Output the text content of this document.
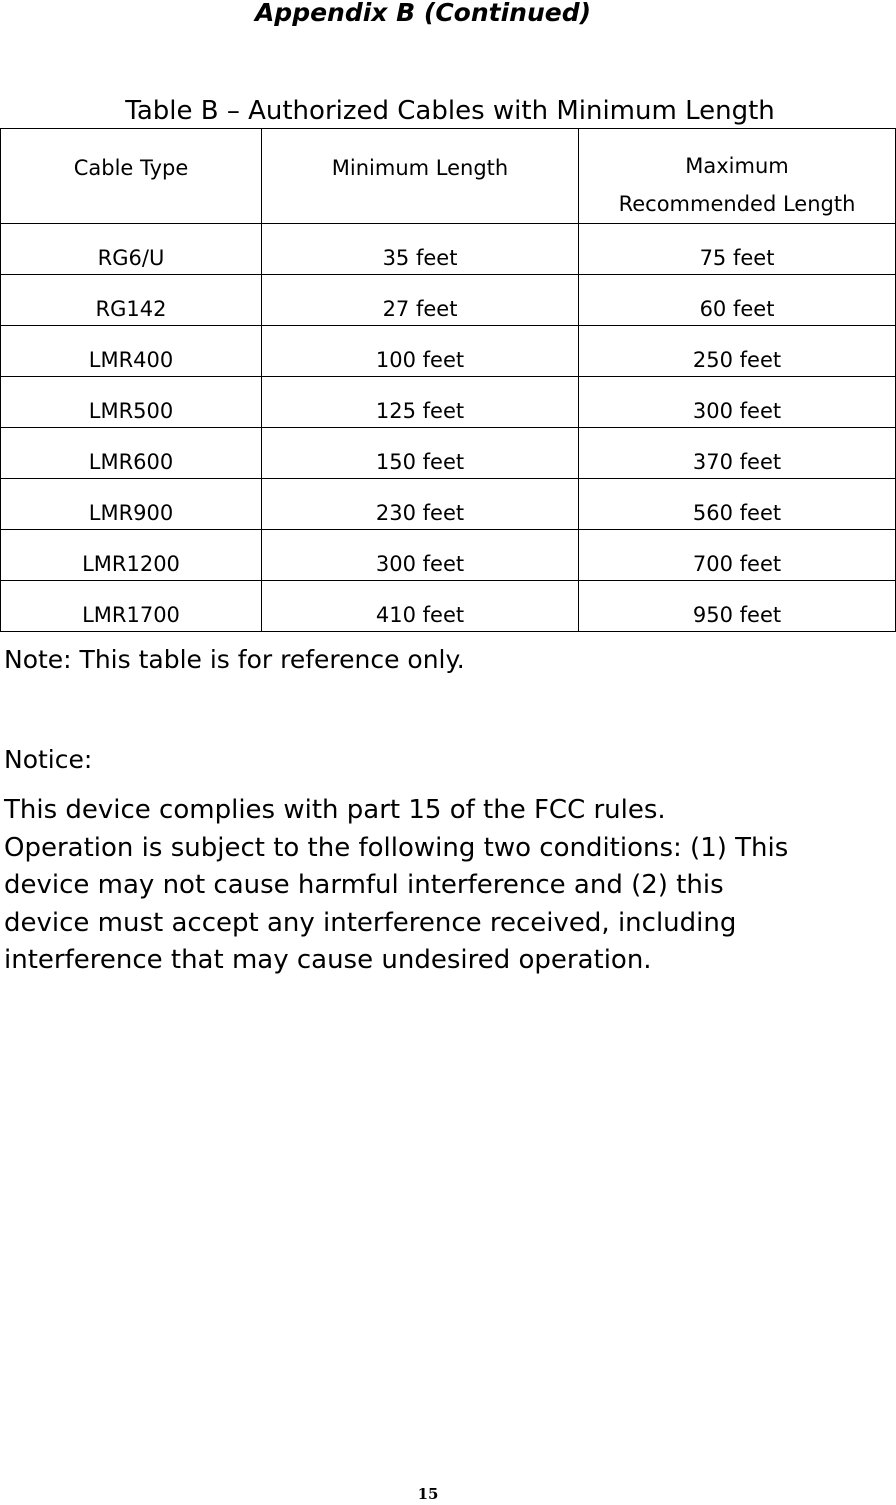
Appendix B (Continued)

Table B – Authorized Cables with Minimum Length

Cable Type	Minimum Length	Maximum
Recommended Length

RG6/U	35 feet	75 feet

RG142	27 feet	60 feet

LMR400	100 feet	250 feet

LMR500	125 feet	300 feet

LMR600	150 feet	370 feet

LMR900	230 feet	560 feet

LMR1200	300 feet	700 feet

LMR1700	410 feet	950 feet

Note: This table is for reference only.

Notice:

This device complies with part 15 of the FCC rules.
Operation is subject to the following two conditions: (1) This
device may not cause harmful interference and (2) this
device must accept any interference received, including
interference that may cause undesired operation.

15
